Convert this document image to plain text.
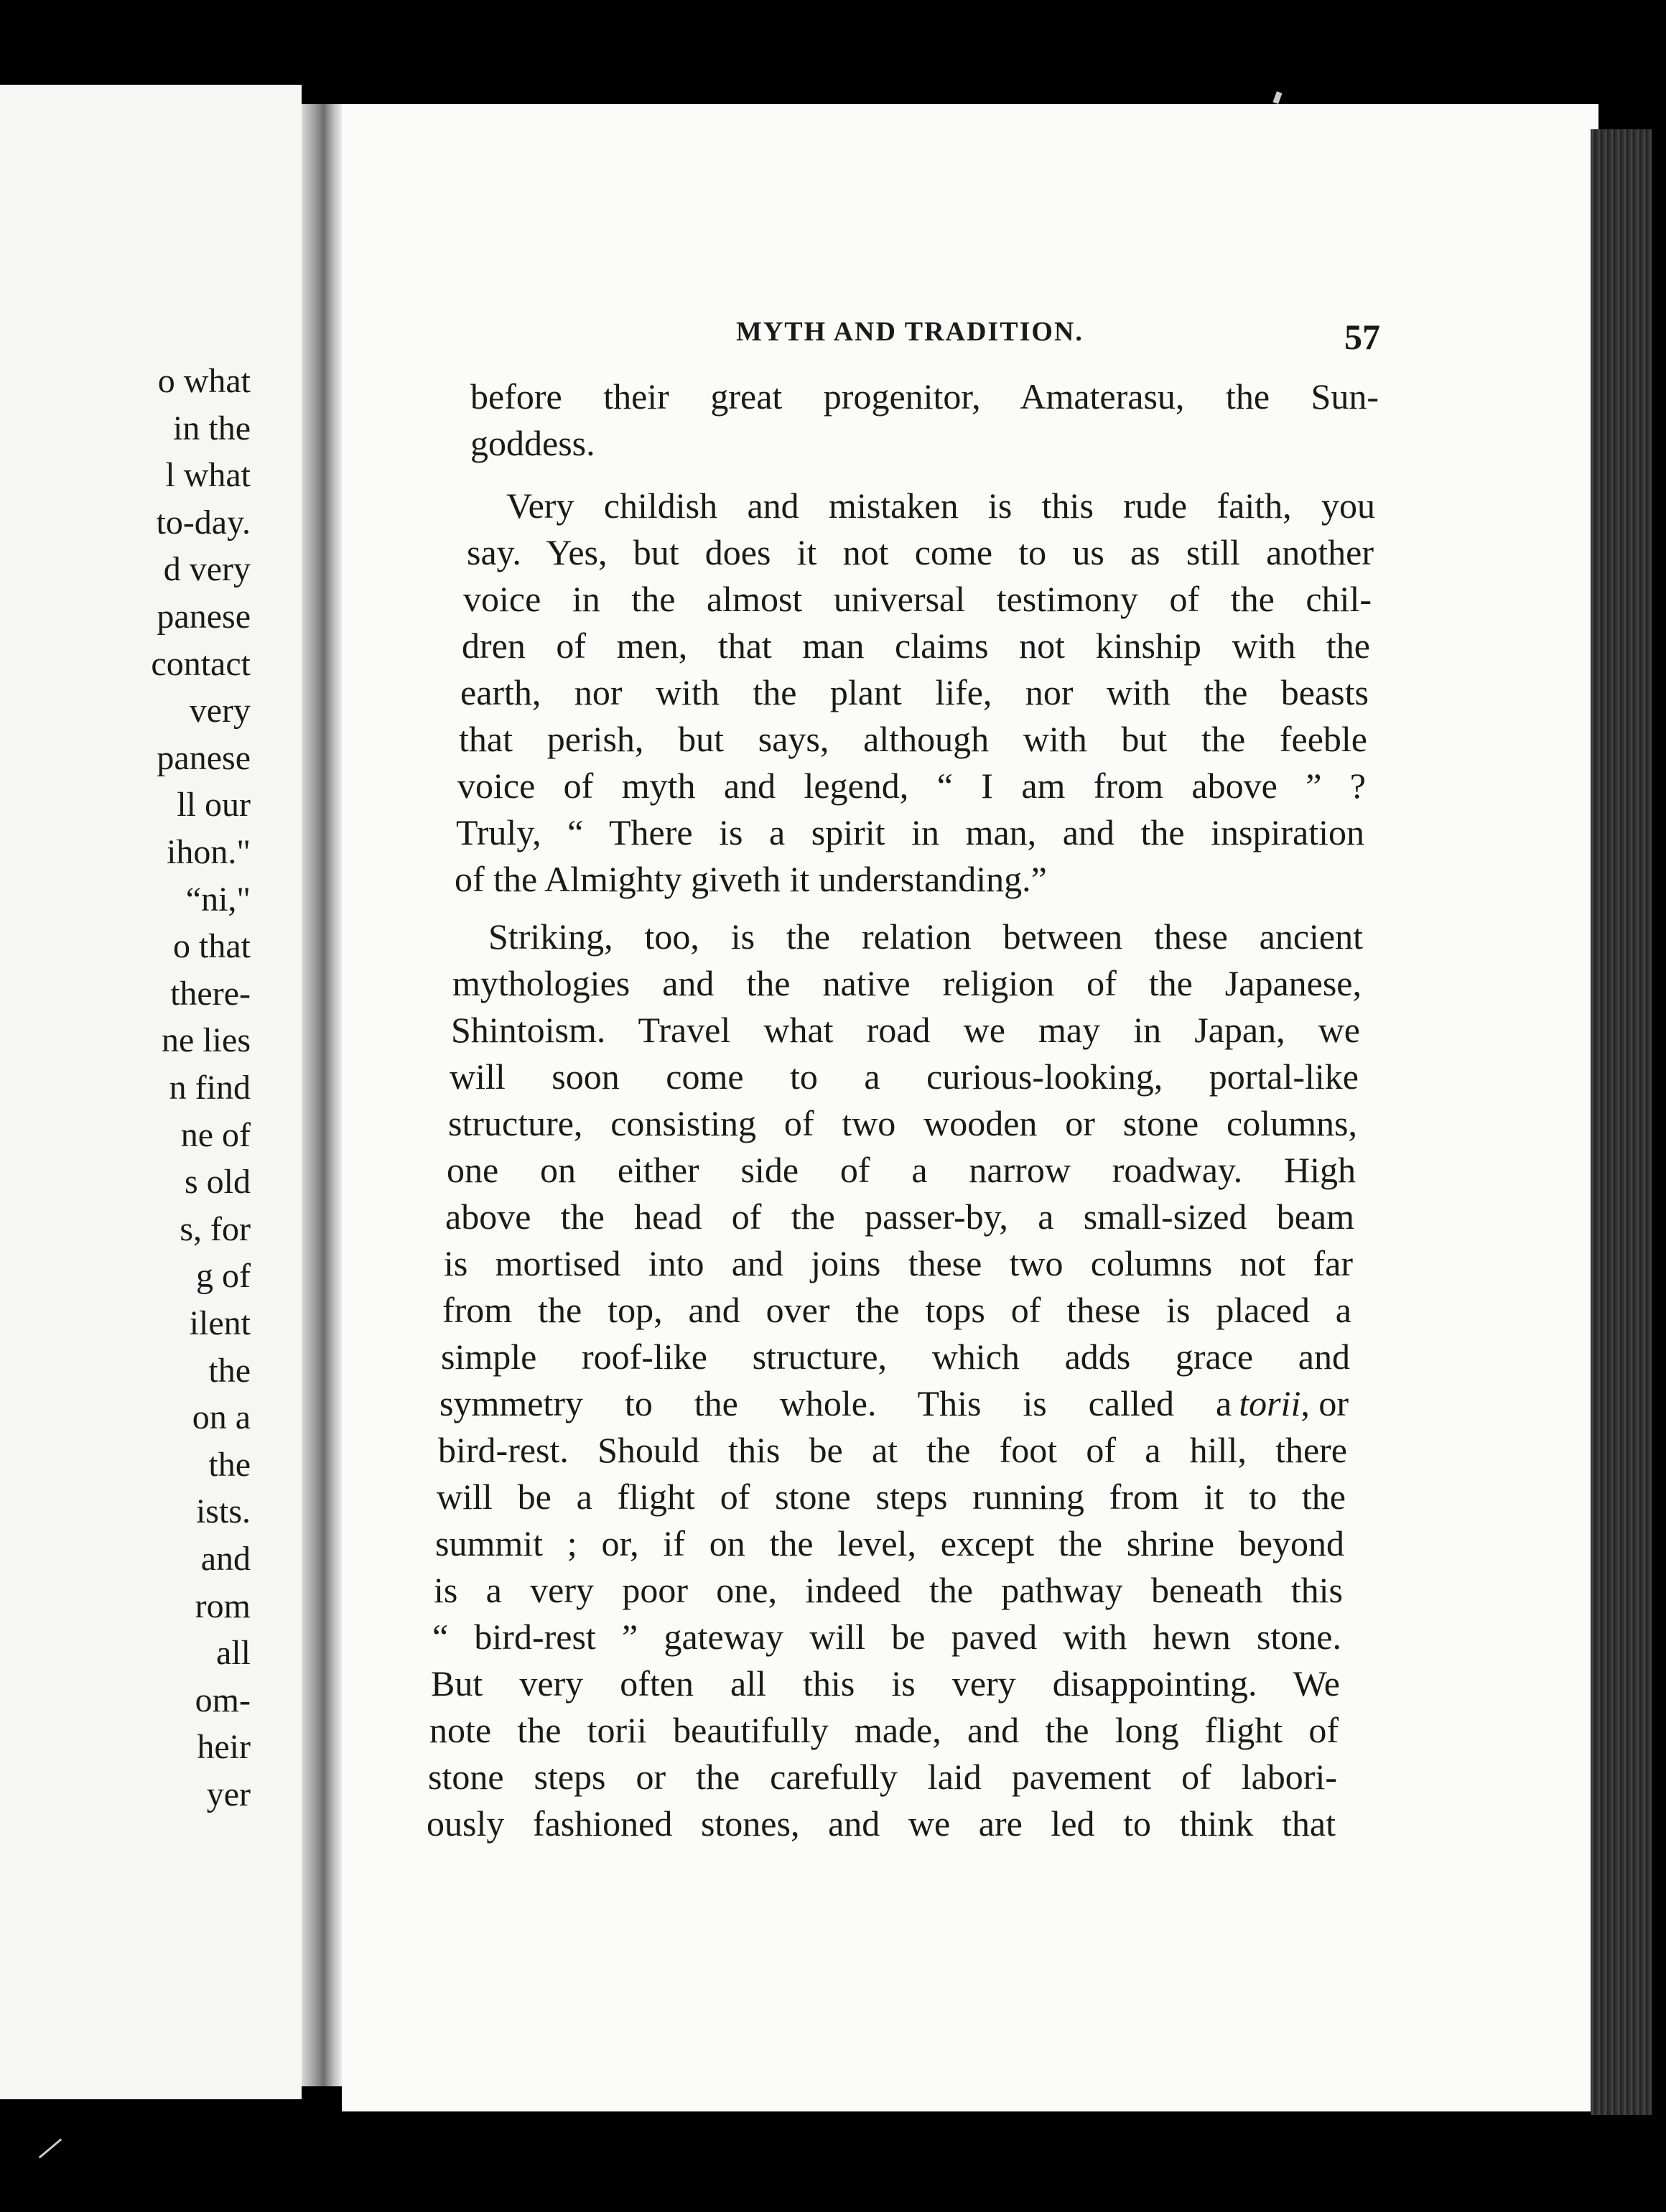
o what
in the
l what
to-day.
d very
panese
contact
very
panese
ll our
ihon."
“ni,"
o that
there-
ne lies
n find
ne of
s old
s, for
g of
ilent
the
on a
the
ists.
and
rom
all
om-
heir
yer
MYTH AND TRADITION.	57
before their great progenitor, Amaterasu, the Sun-
goddess.
Very childish and mistaken is this rude faith, you
say. Yes, but does it not come to us as still another
voice in the almost universal testimony of the chil-
dren of men, that man claims not kinship with the
earth, nor with the plant life, nor with the beasts
that perish, but says, although with but the feeble
voice of myth and legend, “ I am from above ” ?
Truly, “ There is a spirit in man, and the inspiration
of the Almighty giveth it understanding.”
Striking, too, is the relation between these ancient
mythologies and the native religion of the Japanese,
Shintoism. Travel what road we may in Japan, we
will soon come to a curious-looking, portal-like
structure, consisting of two wooden or stone columns,
one on either side of a narrow roadway. High
above the head of the passer-by, a small-sized beam
is mortised into and joins these two columns not far
from the top, and over the tops of these is placed a
simple roof-like structure, which adds grace and
symmetry to the whole. This is called a torii , or
bird-rest. Should this be at the foot of a hill, there
will be a flight of stone steps running from it to the
summit ; or, if on the level, except the shrine beyond
is a very poor one, indeed the pathway beneath this
“ bird-rest ” gateway will be paved with hewn stone.
But very often all this is very disappointing. We
note the torii beautifully made, and the long flight of
stone steps or the carefully laid pavement of labori-
ously fashioned stones, and we are led to think that
